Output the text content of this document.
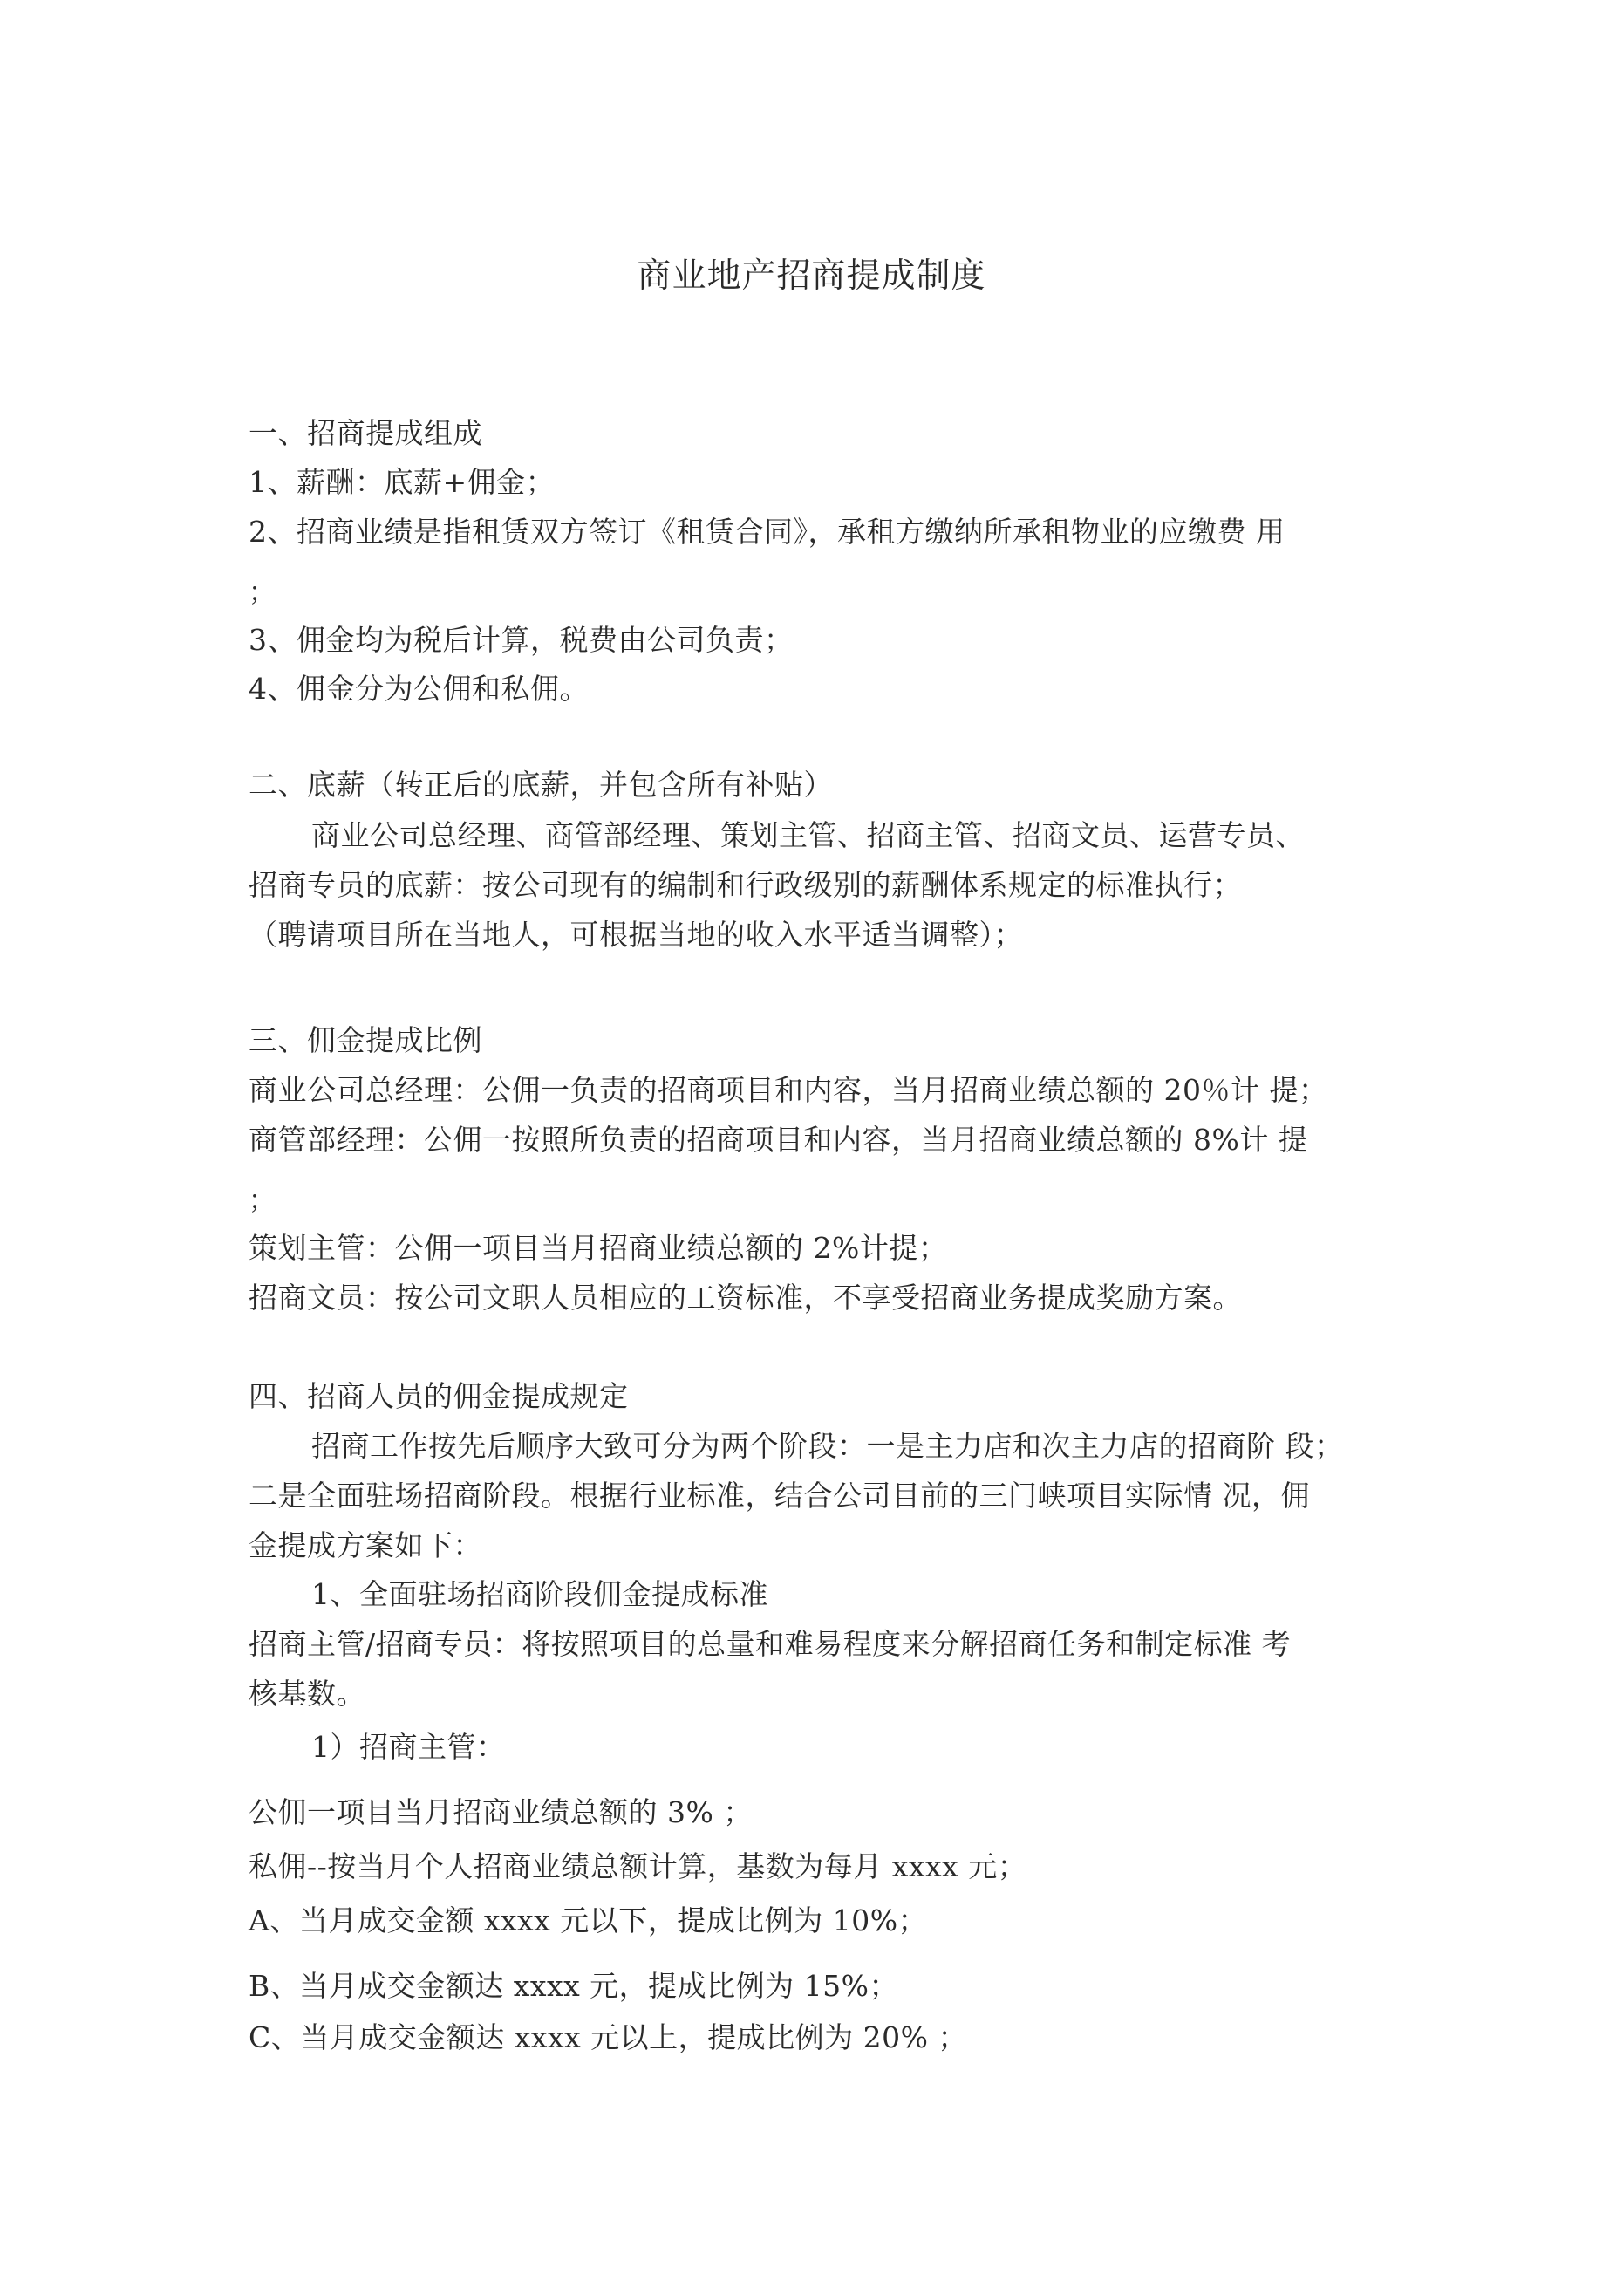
商业地产招商提成制度
一、招商提成组成
1、薪酬：底薪+佣金；
2、招商业绩是指租赁双方签订《租赁合同》，承租方缴纳所承租物业的应缴费 用
；
3、佣金均为税后计算，税费由公司负责；
4、佣金分为公佣和私佣。
二、底薪（转正后的底薪，并包含所有补贴）
商业公司总经理、商管部经理、策划主管、招商主管、招商文员、运营专员、
招商专员的底薪：按公司现有的编制和行政级别的薪酬体系规定的标准执行；
（聘请项目所在当地人，可根据当地的收入水平适当调整）；
三、佣金提成比例
商业公司总经理：公佣一负责的招商项目和内容，当月招商业绩总额的 20％计 提；
商管部经理：公佣一按照所负责的招商项目和内容，当月招商业绩总额的 8%计 提
；
策划主管：公佣一项目当月招商业绩总额的 2%计提；
招商文员：按公司文职人员相应的工资标准，不享受招商业务提成奖励方案。
四、招商人员的佣金提成规定
招商工作按先后顺序大致可分为两个阶段：一是主力店和次主力店的招商阶 段；
二是全面驻场招商阶段。根据行业标准，结合公司目前的三门峡项目实际情 况，佣
金提成方案如下：
1、全面驻场招商阶段佣金提成标准
招商主管/招商专员：将按照项目的总量和难易程度来分解招商任务和制定标准 考
核基数。
1）招商主管：
公佣一项目当月招商业绩总额的 3% ；
私佣--按当月个人招商业绩总额计算，基数为每月 xxxx 元；
A、当月成交金额 xxxx 元以下，提成比例为 10%；
B、当月成交金额达 xxxx 元，提成比例为 15%；
C、当月成交金额达 xxxx 元以上，提成比例为 20% ；
